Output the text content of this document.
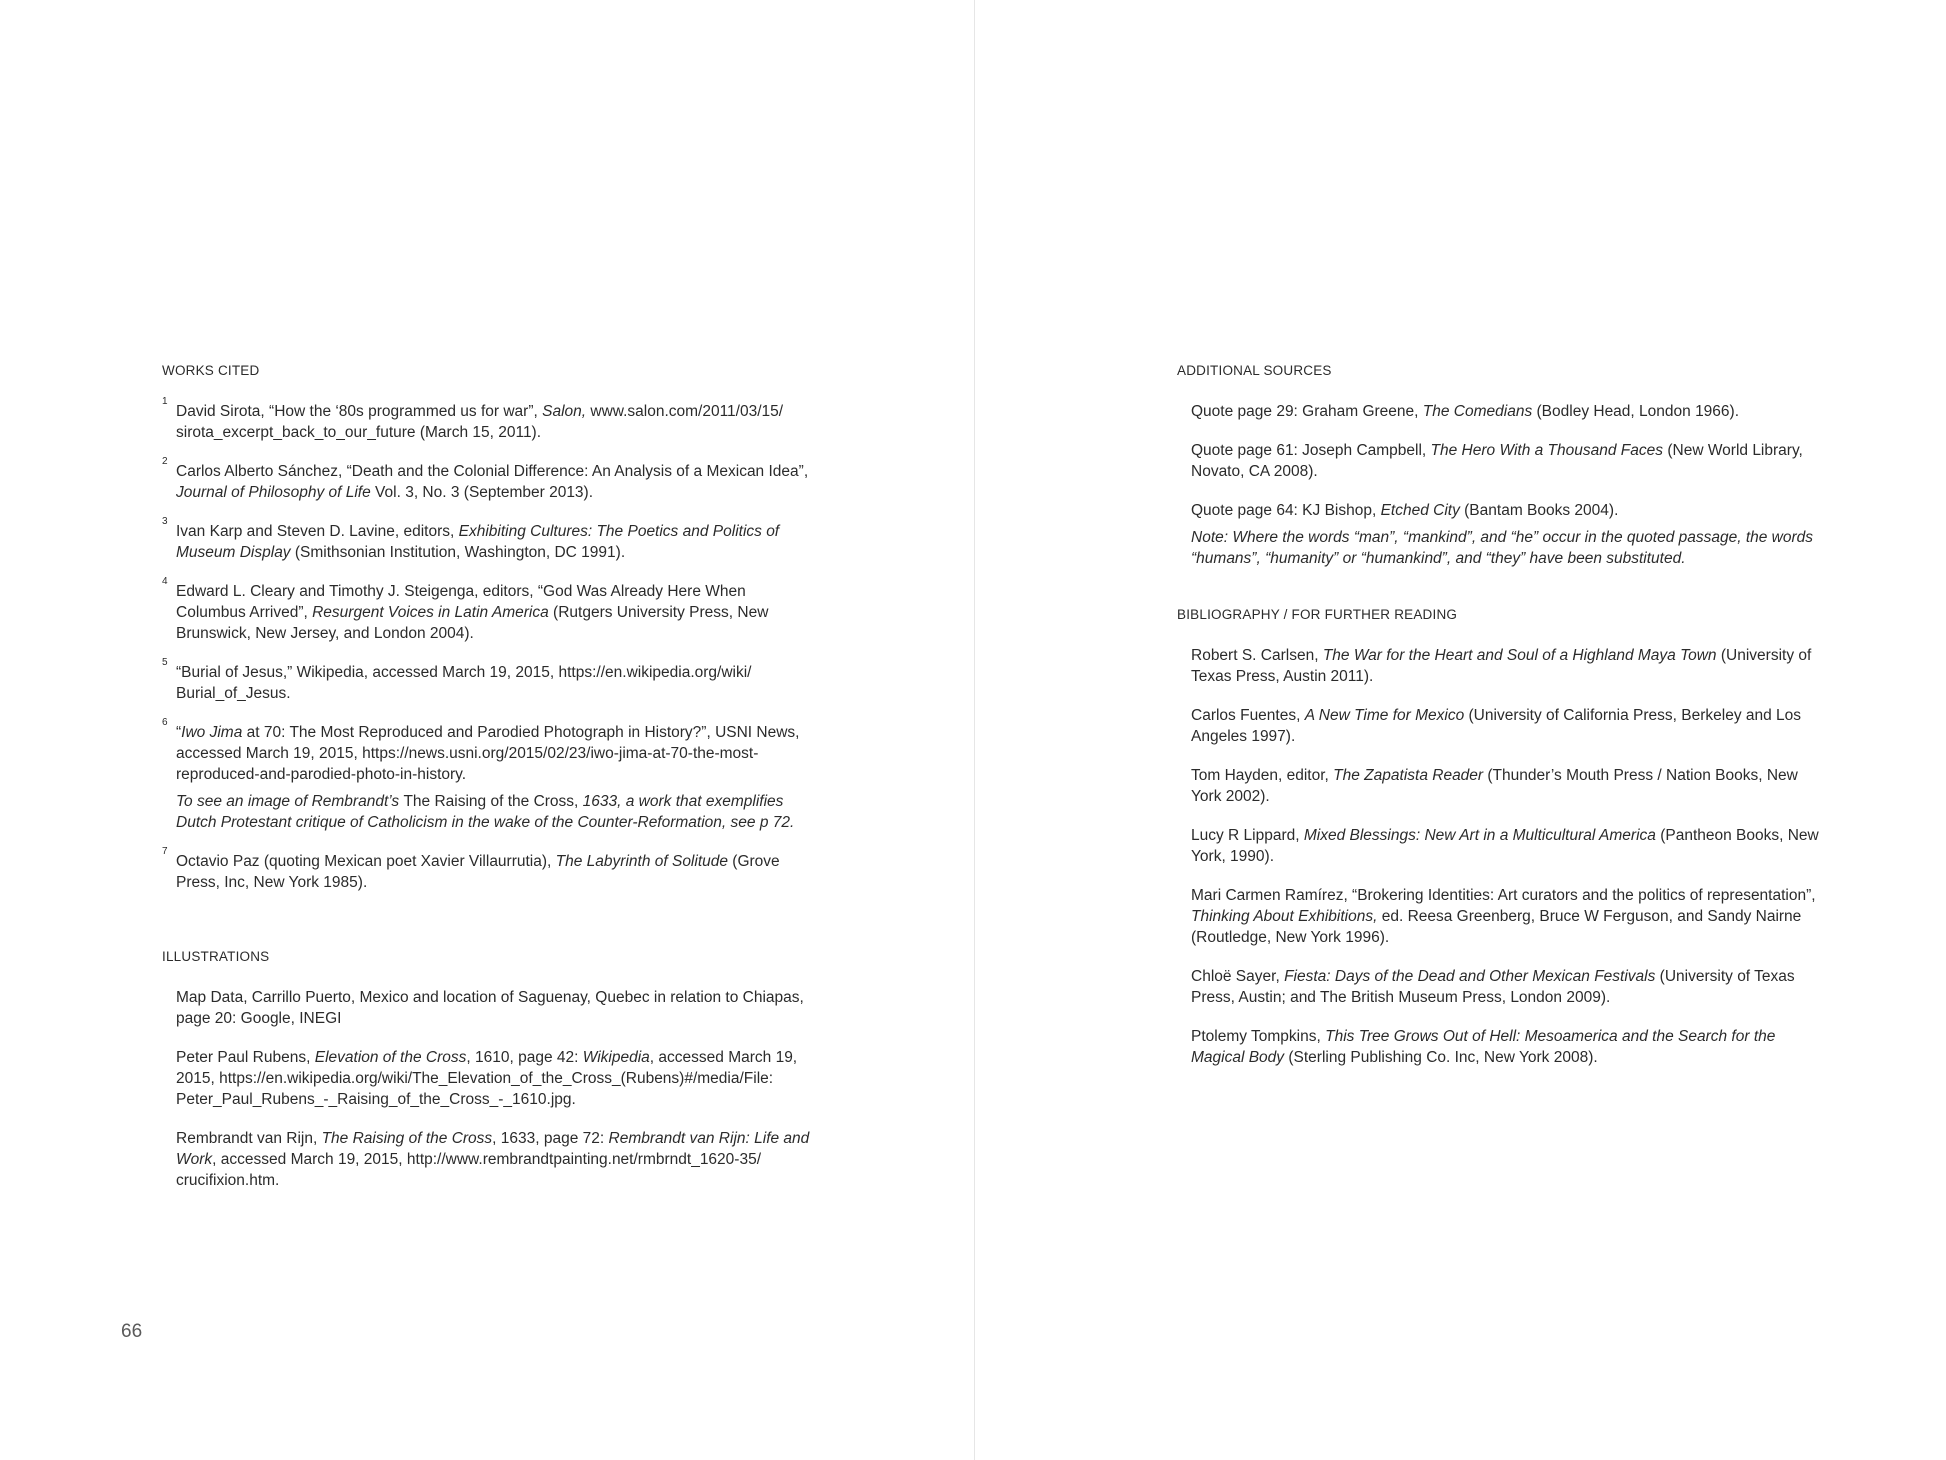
WORKS CITED
1
David Sirota, “How the ‘80s programmed us for war”, Salon, www.salon.com/2011/03/15/ sirota_excerpt_back_to_our_future (March 15, 2011).
2
Carlos Alberto Sánchez, “Death and the Colonial Difference: An Analysis of a Mexican Idea”, Journal of Philosophy of Life Vol. 3, No. 3 (September 2013).
3
Ivan Karp and Steven D. Lavine, editors, Exhibiting Cultures: The Poetics and Politics of Museum Display (Smithsonian Institution, Washington, DC 1991).
4
Edward L. Cleary and Timothy J. Steigenga, editors, “God Was Already Here When Columbus Arrived”, Resurgent Voices in Latin America (Rutgers University Press, New Brunswick, New Jersey, and London 2004).
5
“Burial of Jesus,” Wikipedia, accessed March 19, 2015, https://en.wikipedia.org/wiki/ Burial_of_Jesus.
6
“Iwo Jima at 70: The Most Reproduced and Parodied Photograph in History?”, USNI News, accessed March 19, 2015, https://news.usni.org/2015/02/23/iwo-jima-at-70-the-most-reproduced-and-parodied-photo-in-history.
To see an image of Rembrandt’s The Raising of the Cross, 1633, a work that exemplifies Dutch Protestant critique of Catholicism in the wake of the Counter-Reformation, see p 72.
7
Octavio Paz (quoting Mexican poet Xavier Villaurrutia), The Labyrinth of Solitude (Grove Press, Inc, New York 1985).
ILLUSTRATIONS
Map Data, Carrillo Puerto, Mexico and location of Saguenay, Quebec in relation to Chiapas, page 20: Google, INEGI
Peter Paul Rubens, Elevation of the Cross, 1610, page 42: Wikipedia, accessed March 19, 2015, https://en.wikipedia.org/wiki/The_Elevation_of_the_Cross_(Rubens)#/media/File: Peter_Paul_Rubens_-_Raising_of_the_Cross_-_1610.jpg.
Rembrandt van Rijn, The Raising of the Cross, 1633, page 72: Rembrandt van Rijn: Life and Work, accessed March 19, 2015, http://www.rembrandtpainting.net/rmbrndt_1620-35/ crucifixion.htm.
ADDITIONAL SOURCES
Quote page 29: Graham Greene, The Comedians (Bodley Head, London 1966).
Quote page 61: Joseph Campbell, The Hero With a Thousand Faces (New World Library, Novato, CA 2008).
Quote page 64: KJ Bishop, Etched City (Bantam Books 2004).
Note: Where the words “man”, “mankind”, and “he” occur in the quoted passage, the words “humans”, “humanity” or “humankind”, and “they” have been substituted.
BIBLIOGRAPHY / FOR FURTHER READING
Robert S. Carlsen, The War for the Heart and Soul of a Highland Maya Town (University of Texas Press, Austin 2011).
Carlos Fuentes, A New Time for Mexico (University of California Press, Berkeley and Los Angeles 1997).
Tom Hayden, editor, The Zapatista Reader (Thunder’s Mouth Press / Nation Books, New York 2002).
Lucy R Lippard, Mixed Blessings: New Art in a Multicultural America (Pantheon Books, New York, 1990).
Mari Carmen Ramírez, “Brokering Identities: Art curators and the politics of representation”, Thinking About Exhibitions, ed. Reesa Greenberg, Bruce W Ferguson, and Sandy Nairne (Routledge, New York 1996).
Chloë Sayer, Fiesta: Days of the Dead and Other Mexican Festivals (University of Texas Press, Austin; and The British Museum Press, London 2009).
Ptolemy Tompkins, This Tree Grows Out of Hell: Mesoamerica and the Search for the Magical Body (Sterling Publishing Co. Inc, New York 2008).
66
